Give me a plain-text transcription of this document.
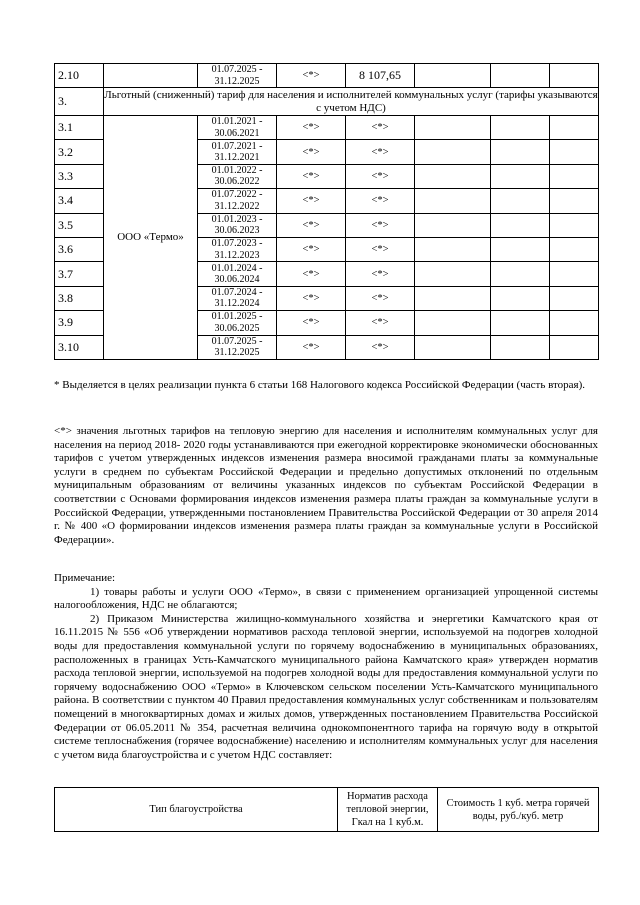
2.10		01.07.2025 - 31.12.2025	<*>	8 107,65			
3.	Льготный (сниженный) тариф для населения и исполнителей коммунальных услуг (тарифы указываются с учетом НДС)						
3.1	ООО «Термо»	01.01.2021 - 30.06.2021	<*>	<*>			
3.2		01.07.2021 - 31.12.2021	<*>	<*>			
3.3		01.01.2022 - 30.06.2022	<*>	<*>			
3.4		01.07.2022 - 31.12.2022	<*>	<*>			
3.5		01.01.2023 - 30.06.2023	<*>	<*>			
3.6		01.07.2023 - 31.12.2023	<*>	<*>			
3.7		01.01.2024 - 30.06.2024	<*>	<*>			
3.8		01.07.2024 - 31.12.2024	<*>	<*>			
3.9		01.01.2025 - 30.06.2025	<*>	<*>			
3.10		01.07.2025 - 31.12.2025	<*>	<*>			
* Выделяется в целях реализации пункта 6 статьи 168 Налогового кодекса Российской Федерации (часть вторая).
<*> значения льготных тарифов на тепловую энергию для населения и исполнителям коммунальных услуг для населения на период 2018- 2020 годы устанавливаются при ежегодной корректировке экономически обоснованных тарифов с учетом утвержденных индексов изменения размера вносимой гражданами платы за коммунальные услуги в среднем по субъектам Российской Федерации и предельно допустимых отклонений по отдельным муниципальным образованиям от величины указанных индексов по субъектам Российской Федерации в соответствии с Основами формирования индексов изменения размера платы граждан за коммунальные услуги в Российской Федерации, утвержденными постановлением Правительства Российской Федерации от 30 апреля 2014 г. № 400 «О формировании индексов изменения размера платы граждан за коммунальные услуги в Российской Федерации».

Примечание:

1) товары работы и услуги ООО «Термо», в связи с применением организацией упрощенной системы налогообложения, НДС не облагаются;

2) Приказом Министерства жилищно-коммунального хозяйства и энергетики Камчатского края от 16.11.2015 № 556 «Об утверждении нормативов расхода тепловой энергии, используемой на подогрев холодной воды для предоставления коммунальной услуги по горячему водоснабжению в муниципальных образованиях, расположенных в границах Усть-Камчатского муниципального района Камчатского края» утвержден норматив расхода тепловой энергии, используемой на подогрев холодной воды для предоставления коммунальной услуги по горячему водоснабжению ООО «Термо» в Ключевском сельском поселении Усть-Камчатского муниципального района. В соответствии с пунктом 40 Правил предоставления коммунальных услуг собственникам и пользователям помещений в многоквартирных домах и жилых домов, утвержденных постановлением Правительства Российской Федерации от 06.05.2011 № 354, расчетная величина однокомпонентного тарифа на горячую воду в открытой системе теплоснабжения (горячее водоснабжение) населению и исполнителям коммунальных услуг для населения с учетом вида благоустройства и с учетом НДС составляет:

Тип благоустройства	Норматив расхода тепловой энергии, Гкал на 1 куб.м.	Стоимость 1 куб. метра горячей воды, руб./куб. метр
